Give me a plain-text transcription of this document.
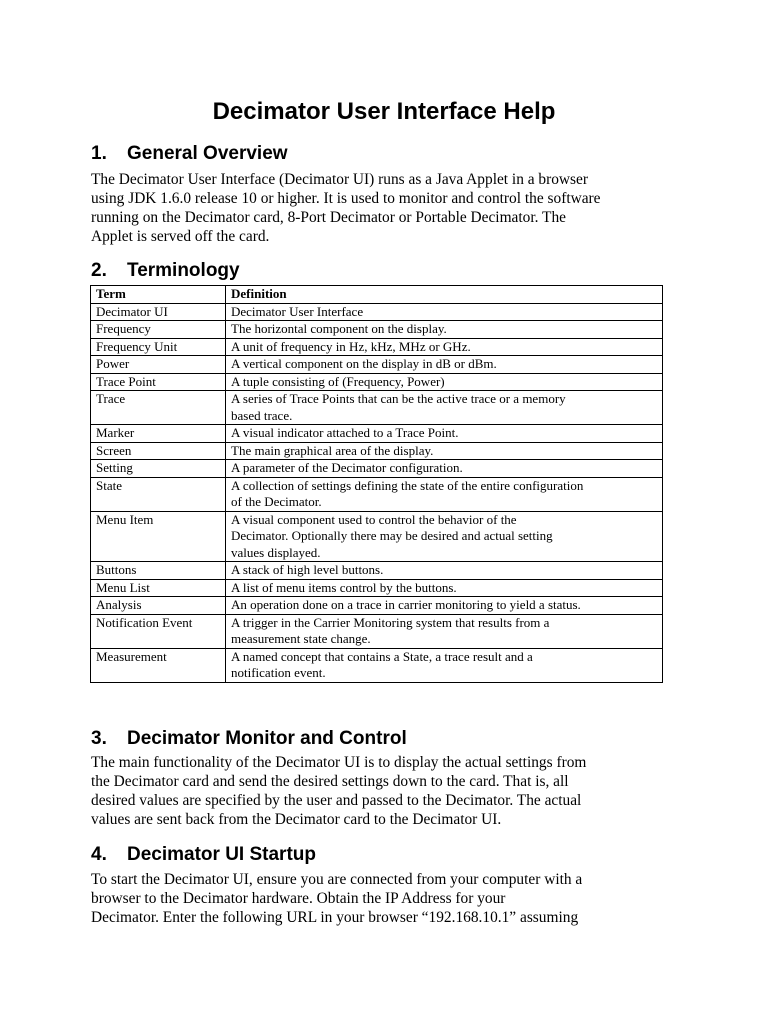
Decimator User Interface Help
1. General Overview
The Decimator User Interface (Decimator UI) runs as a Java Applet in a browser
using JDK 1.6.0 release 10 or higher. It is used to monitor and control the software
running on the Decimator card, 8-Port Decimator or Portable Decimator. The
Applet is served off the card.
2. Terminology
Term	Definition
Decimator UI	Decimator User Interface

Frequency	The horizontal component on the display.

Frequency Unit	A unit of frequency in Hz, kHz, MHz or GHz.

Power	A vertical component on the display in dB or dBm.

Trace Point	A tuple consisting of (Frequency, Power)

Trace	A series of Trace Points that can be the active trace or a memory
based trace.

Marker	A visual indicator attached to a Trace Point.

Screen	The main graphical area of the display.

Setting	A parameter of the Decimator configuration.

State	A collection of settings defining the state of the entire configuration
of the Decimator.

Menu Item	A visual component used to control the behavior of the
Decimator. Optionally there may be desired and actual setting
values displayed.

Buttons	A stack of high level buttons.

Menu List	A list of menu items control by the buttons.

Analysis	An operation done on a trace in carrier monitoring to yield a status.

Notification Event	A trigger in the Carrier Monitoring system that results from a
measurement state change.

Measurement	A named concept that contains a State, a trace result and a
notification event.
3. Decimator Monitor and Control
The main functionality of the Decimator UI is to display the actual settings from
the Decimator card and send the desired settings down to the card. That is, all
desired values are specified by the user and passed to the Decimator. The actual
values are sent back from the Decimator card to the Decimator UI.
4. Decimator UI Startup
To start the Decimator UI, ensure you are connected from your computer with a
browser to the Decimator hardware. Obtain the IP Address for your
Decimator. Enter the following URL in your browser “192.168.10.1” assuming
